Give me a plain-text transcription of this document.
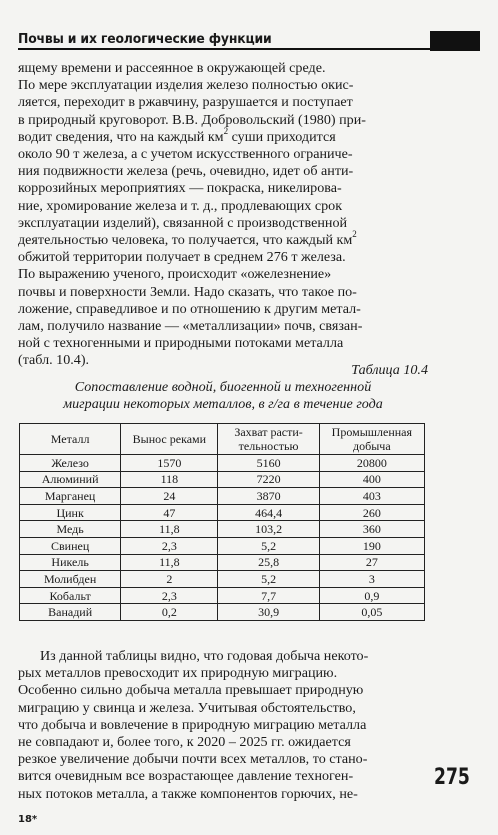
Почвы и их геологические функции

ящему времени и рассеянное в окружающей среде.

По мере эксплуатации изделия железо полностью окис-

ляется, переходит в ржавчину, разрушается и поступает

в природный круговорот. В.В. Добровольский (1980) при-

водит сведения, что на каждый $км^2$ суши приходится

около 90 т железа, а с учетом искусственного ограниче-

ния подвижности железа (речь, очевидно, идет об анти-

коррозийных мероприятиях — покраска, никелирова-

ние, хромирование железа и т. д., продлевающих срок

эксплуатации изделий), связанной с производственной

деятельностью человека, то получается, что каждый $км^2$

обжитой территории получает в среднем 276 т железа.

По выражению ученого, происходит «ожелезнение»

почвы и поверхности Земли. Надо сказать, что такое по-

ложение, справедливое и по отношению к другим метал-

лам, получило название — «металлизации» почв, связан-

ной с техногенными и природными потоками металла

(табл. 10.4).

Таблица 10.4
Сопоставление водной, биогенной и техногенной
миграции некоторых металлов, в г/га в течение года
Металл	Вынос реками	Захват расти-тельностью	Промышленная добыча
Железо	1570	5160	20800
Алюминий	118	7220	400
Марганец	24	3870	403
Цинк	47	464,4	260
Медь	11,8	103,2	360
Свинец	2,3	5,2	190
Никель	11,8	25,8	27
Молибден	2	5,2	3
Кобальт	2,3	7,7	0,9
Ванадий	0,2	30,9	0,05

Из данной таблицы видно, что годовая добыча некото-

рых металлов превосходит их природную миграцию.

Особенно сильно добыча металла превышает природную

миграцию у свинца и железа. Учитывая обстоятельство,

что добыча и вовлечение в природную миграцию металла

не совпадают и, более того, к 2020 – 2025 гг. ожидается

резкое увеличение добычи почти всех металлов, то стано-

вится очевидным все возрастающее давление техноген-

ных потоков металла, а также компонентов горючих, не-

275
18*
